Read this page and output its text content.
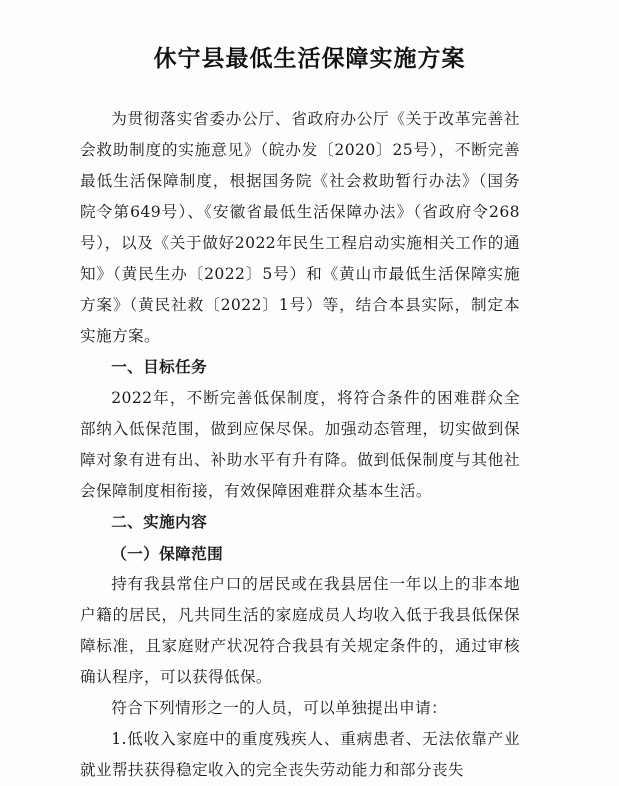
休宁县最低生活保障实施方案

为贯彻落实省委办公厅、省政府办公厅《关于改革完善社会救助制度的实施意见》（皖办发〔2020〕25号），不断完善最低生活保障制度，根据国务院《社会救助暂行办法》（国务院令第649号）、《安徽省最低生活保障办法》（省政府令268号），以及《关于做好2022年民生工程启动实施相关工作的通知》（黄民生办〔2022〕5号）和《黄山市最低生活保障实施方案》（黄民社救〔2022〕1号）等，结合本县实际，制定本实施方案。

一、目标任务

2022年，不断完善低保制度，将符合条件的困难群众全部纳入低保范围，做到应保尽保。加强动态管理，切实做到保障对象有进有出、补助水平有升有降。做到低保制度与其他社会保障制度相衔接，有效保障困难群众基本生活。

二、实施内容

（一）保障范围

持有我县常住户口的居民或在我县居住一年以上的非本地户籍的居民，凡共同生活的家庭成员人均收入低于我县低保保障标准，且家庭财产状况符合我县有关规定条件的，通过审核确认程序，可以获得低保。

符合下列情形之一的人员，可以单独提出申请：

1.低收入家庭中的重度残疾人、重病患者、无法依靠产业就业帮扶获得稳定收入的完全丧失劳动能力和部分丧失
